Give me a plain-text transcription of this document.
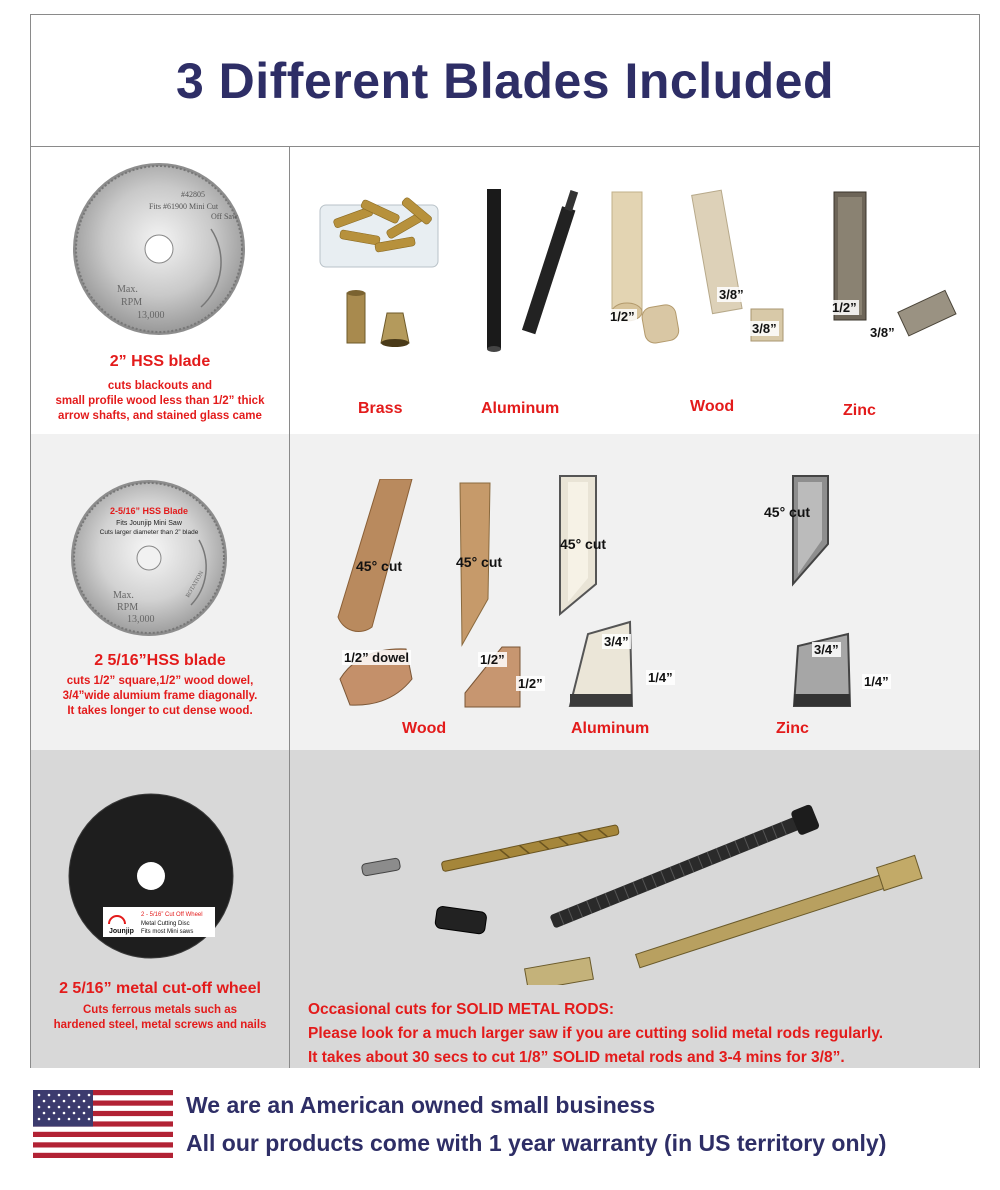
3 Different Blades Included
#42805
Fits #61900 Mini Cut
Off Saw
Max.
RPM
13,000
2” HSS blade
cuts blackouts and
small profile wood less than 1/2” thick
arrow shafts, and stained glass came
1/2”
3/8”
3/8”
1/2”
3/8”
Brass	Aluminum	Wood	Zinc
2-5/16” HSS Blade
Fits Jounjip Mini Saw
Cuts larger diameter than 2” blade
Max.
RPM
13,000
ROTATION
2 5/16”HSS blade
cuts 1/2” square,1/2” wood dowel,
3/4”wide alumium frame diagonally.
It takes longer to cut dense wood.
45° cut	45° cut
45° cut
45° cut
1/2” dowel	1/2”
1/2”
3/4”
1/4”
3/4”
1/4”
Wood	Aluminum	Zinc
Jounjip
2 - 5/16” Cut Off Wheel
Metal Cutting Disc
Fits most Mini saws
2 5/16” metal cut-off wheel
Cuts ferrous metals such as
hardened steel, metal screws and nails
Occasional cuts for SOLID METAL RODS:
Please look for a much larger saw if you are cutting solid metal rods regularly.
It takes about 30 secs to cut 1/8” SOLID metal rods and 3-4 mins for 3/8”.
We are an American owned small business
All our products come with 1 year warranty (in US territory only)
